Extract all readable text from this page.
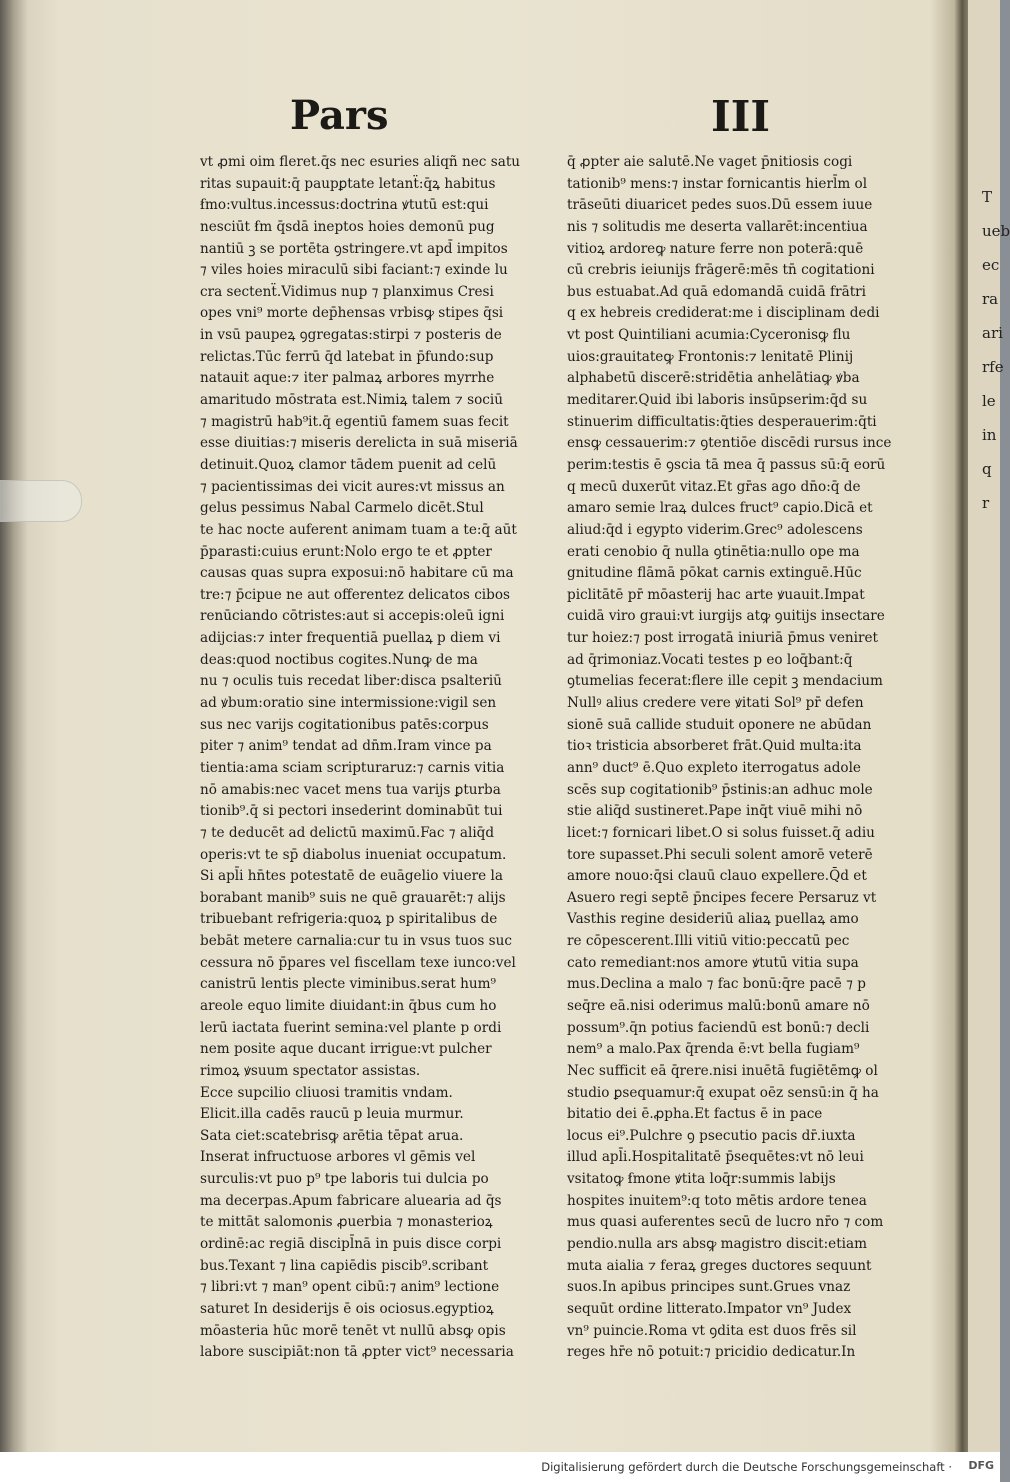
T
ueb
ec
ra
ari
rfe
le
in
q
r
Pars	III
vt ꝓmi oim fleret.q̄s nec esuries aliqñ nec satu
ritas supauit:q̄ paupꝑtate letanẗ:q̄ꝝ habitus
ẜmo:vultus.incessus:doctrina ꝟtutū est:qui
nesciūt ẜm q̄sdā ineptos hoies demonū pug
nantiū ꝫ se portēta ꝯstringere.vt apd̄ impitos
⁊ viles hoies miraculū sibi faciant:⁊ exinde lu
cra sectenẗ.Vidimus nup ⁊ planximus Cresi
opes vni⁹ morte dep̄hensas vrbisꝙ stipes q̄si
in vsū paupeꝝ ꝯgregatas:stirpi ⁊ posteris de
relictas.Tūc ferrū q̄d latebat in p̄fundo:sup
natauit aque:⁊ iter palmaꝝ arbores myrrhe
amaritudo mōstrata est.Nimiꝝ talem ⁊ sociū
⁊ magistrū hab⁹it.q̄ egentiū famem suas fecit
esse diuitias:⁊ miseris derelicta in suā miseriā
detinuit.Quoꝝ clamor tādem puenit ad celū
⁊ pacientissimas dei vicit aures:vt missus an
gelus pessimus Nabal Carmelo dicēt.Stul
te hac nocte auferent animam tuam a te:q̄ aūt
p̄parasti:cuius erunt:Nolo ergo te et ꝓpter
causas quas supra exposui:nō habitare cū ma
tre:⁊ p̄cipue ne aut offerentez delicatos cibos
renūciando cōtristes:aut si accepis:oleū igni
adijcias:⁊ inter frequentiā puellaꝝ p diem vi
deas:quod noctibus cogites.Nunꝙ de ma
nu ⁊ oculis tuis recedat liber:disca psalteriū
ad ꝟbum:oratio sine intermissione:vigil sen
sus nec varijs cogitationibus patēs:corpus
piter ⁊ anim⁹ tendat ad dn̄m.Iram vince pa
tientia:ama sciam scripturaruz:⁊ carnis vitia
nō amabis:nec vacet mens tua varijs ꝑturba
tionib⁹.q̄ si pectori insederint dominabūt tui
⁊ te deducēt ad delictū maximū.Fac ⁊ aliq̄d
operis:vt te sp̄ diabolus inueniat occupatum.
Si apl̄i hn̄tes potestatē de euāgelio viuere la
borabant manib⁹ suis ne quē grauarēt:⁊ alijs
tribuebant refrigeria:quoꝝ p spiritalibus de
bebāt metere carnalia:cur tu in vsus tuos suc
cessura nō p̄pares vel fiscellam texe iunco:vel
canistrū lentis plecte viminibus.serat hum⁹
areole equo limite diuidant:in q̄bus cum ho
lerū iactata fuerint semina:vel plante p ordi
nem posite aque ducant irrigue:vt pulcher
rimoꝝ ꝟsuum spectator assistas.
Ecce supcilio cliuosi tramitis vndam.
Elicit.illa cadēs raucū p leuia murmur.
Sata ciet:scatebrisꝙ arētia tēpat arua.
Inserat infructuose arbores vl gēmis vel
surculis:vt puo p⁹ tpe laboris tui dulcia po
ma decerpas.Apum fabricare aluearia ad q̄s
te mittāt salomonis ꝓuerbia ⁊ monasterioꝝ
ordinē:ac regiā discipl̄nā in puis disce corpi
bus.Texant ⁊ lina capiēdis piscib⁹.scribant
⁊ libri:vt ⁊ man⁹ opent cibū:⁊ anim⁹ lectione
saturet In desiderijs ē ois ociosus.egyptioꝝ
mōasteria hūc morē tenēt vt nullū absꝙ opis
labore suscipiāt:non tā ꝓpter vict⁹ necessaria
q̄ ꝓpter aie salutē.Ne vaget p̄nitiosis cogi
tationib⁹ mens:⁊ instar fornicantis hierl̄m ol
trāseūti diuaricet pedes suos.Dū essem iuue
nis ⁊ solitudis me deserta vallarēt:incentiua
vitioꝝ ardoreꝙ nature ferre non poterā:quē
cū crebris ieiunijs frāgerē:mēs tn̄ cogitationi
bus estuabat.Ad quā edomandā cuidā frātri
q ex hebreis crediderat:me i disciplinam dedi
vt post Quintiliani acumia:Cyceronisꝙ flu
uios:grauitateꝙ Frontonis:⁊ lenitatē Plinij
alphabetū discerē:stridētia anhelātiaꝙ ꝟba
meditarer.Quid ibi laboris insūpserim:q̄d su
stinuerim difficultatis:q̄ties desperauerim:q̄ti
ensꝙ cessauerim:⁊ ꝯtentiōe discēdi rursus ince
perim:testis ē ꝯscia tā mea q̄ passus sū:q̄ eorū
q mecū duxerūt vitaz.Et gr̄as ago dn̄o:q̄ de
amaro semie lraꝝ dulces fruct⁹ capio.Dicā et
aliud:q̄d i egypto viderim.Grec⁹ adolescens
erati cenobio q̄ nulla ꝯtinētia:nullo ope ma
gnitudine flāmā pōkat carnis extinguē.Hūc
piclitātē pr̄ mōasterij hac arte ꝟuauit.Impat
cuidā viro graui:vt iurgijs atꝙ ꝯuitijs insectare
tur hoiez:⁊ post irrogatā iniuriā p̄mus veniret
ad q̄rimoniaz.Vocati testes p eo loq̄bant:q̄
ꝯtumelias fecerat:flere ille cepit ꝫ mendacium
Nullꝰ alius credere vere ꝟitati Sol⁹ pr̄ defen
sionē suā callide studuit oponere ne abūdan
tioꝛ tristicia absorberet frāt.Quid multa:ita
ann⁹ duct⁹ ē.Quo expleto iterrogatus adole
scēs sup cogitationib⁹ p̄stinis:an adhuc mole
stie aliq̄d sustineret.Pape inq̄t viuē mihi nō
licet:⁊ fornicari libet.O si solus fuisset.q̄ adiu
tore supasset.Phi seculi solent amorē veterē
amore nouo:q̄si clauū clauo expellere.Q̄d et
Asuero regi septē p̄ncipes fecere Persaruz vt
Vasthis regine desideriū aliaꝝ puellaꝝ amo
re cōpescerent.Illi vitiū vitio:peccatū pec
cato remediant:nos amore ꝟtutū vitia supa
mus.Declina a malo ⁊ fac bonū:q̄re pacē ⁊ p
seq̄re eā.nisi oderimus malū:bonū amare nō
possum⁹.q̄n potius faciendū est bonū:⁊ decli
nem⁹ a malo.Pax q̄renda ē:vt bella fugiam⁹
Nec sufficit eā q̄rere.nisi inuētā fugiētēmꝙ ol
studio ꝑsequamur:q̄ exupat oēz sensū:in q̄ ha
bitatio dei ē.ꝓpha.Et factus ē in pace
locus ei⁹.Pulchre ꝯ psecutio pacis dr̄.iuxta
illud apl̄i.Hospitalitatē p̄sequētes:vt nō leui
vsitatoꝙ ẜmone ꝟtita loq̄r:summis labijs
hospites inuitem⁹:q toto mētis ardore tenea
mus quasi auferentes secū de lucro nr̄o ⁊ com
pendio.nulla ars absꝙ magistro discit:etiam
muta aialia ⁊ feraꝝ greges ductores sequunt
suos.In apibus principes sunt.Grues vnaz
sequūt ordine litterato.Impator vn⁹ Judex
vn⁹ puincie.Roma vt ꝯdita est duos frēs sil
reges hr̄e nō potuit:⁊ pricidio dedicatur.In
Digitalisierung gefördert durch die Deutsche Forschungsgemeinschaft · DFG
